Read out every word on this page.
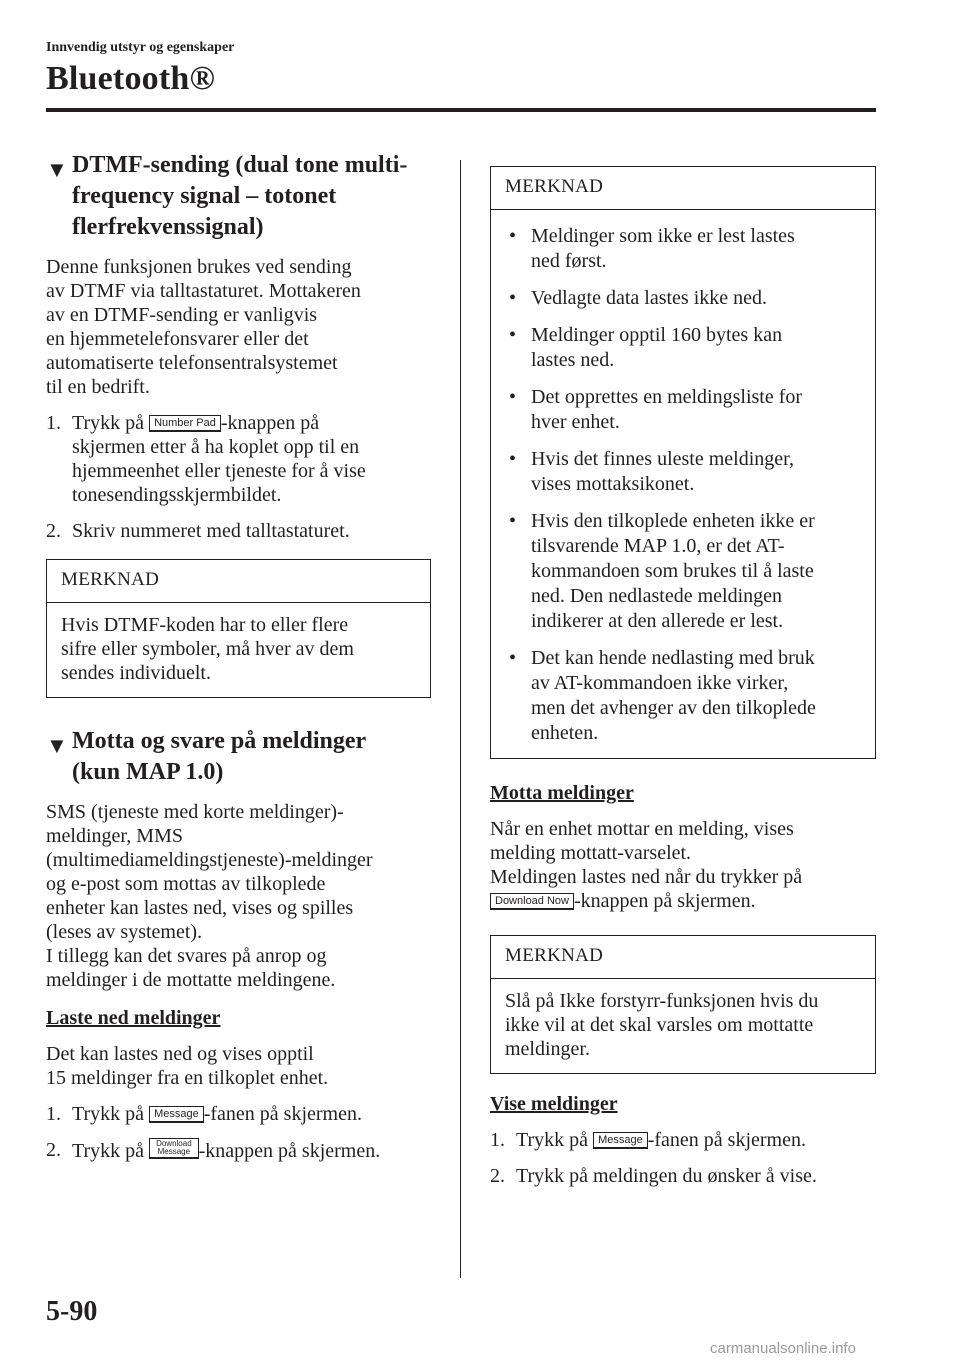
Innvendig utstyr og egenskaper
Bluetooth®
▼ DTMF-sending (dual tone multi-
frequency signal – totonet
flerfrekvenssignal)

Denne funksjonen brukes ved sending
av DTMF via talltastaturet. Mottakeren
av en DTMF-sending er vanligvis
en hjemmetelefonsvarer eller det
automatiserte telefonsentralsystemet
til en bedrift.

1. Trykk på Number Pad -knappen på
skjermen etter å ha koplet opp til en
hjemmeenhet eller tjeneste for å vise
tonesendingsskjermbildet.
2. Skriv nummeret med talltastaturet.
MERKNAD
Hvis DTMF-koden har to eller flere
sifre eller symboler, må hver av dem
sendes individuelt.
▼ Motta og svare på meldinger
(kun MAP 1.0)

SMS (tjeneste med korte meldinger)-
meldinger, MMS
(multimediameldingstjeneste)-meldinger
og e-post som mottas av tilkoplede
enheter kan lastes ned, vises og spilles
(leses av systemet).
I tillegg kan det svares på anrop og
meldinger i de mottatte meldingene.

Laste ned meldinger

Det kan lastes ned og vises opptil
15 meldinger fra en tilkoplet enhet.

1. Trykk på Message -fanen på skjermen.
2. Trykk på Download
Message -knappen på skjermen.
MERKNAD
• Meldinger som ikke er lest lastes
ned først.
• Vedlagte data lastes ikke ned.
• Meldinger opptil 160 bytes kan
lastes ned.
• Det opprettes en meldingsliste for
hver enhet.
• Hvis det finnes uleste meldinger,
vises mottaksikonet.
• Hvis den tilkoplede enheten ikke er
tilsvarende MAP 1.0, er det AT-
kommandoen som brukes til å laste
ned. Den nedlastede meldingen
indikerer at den allerede er lest.
• Det kan hende nedlasting med bruk
av AT-kommandoen ikke virker,
men det avhenger av den tilkoplede
enheten.
Motta meldinger

Når en enhet mottar en melding, vises
melding mottatt-varselet.
Meldingen lastes ned når du trykker på

Download Now -knappen på skjermen.

MERKNAD
Slå på Ikke forstyrr-funksjonen hvis du
ikke vil at det skal varsles om mottatte
meldinger.
Vise meldinger
1. Trykk på Message -fanen på skjermen.
2. Trykk på meldingen du ønsker å vise.
5-90
carmanualsonline.info
